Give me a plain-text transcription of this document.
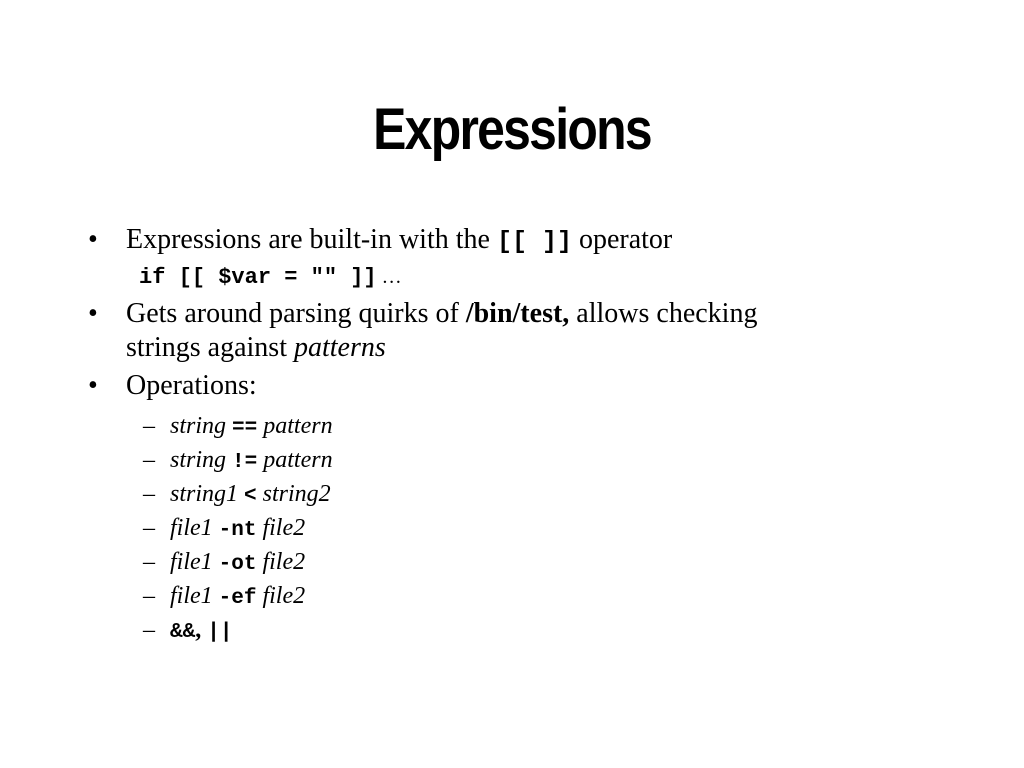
Expressions
• Expressions are built-in with the [[ ]] operator
if [[ $var = "" ]] …
• Gets around parsing quirks of /bin/test, allows checking
strings against patterns
• Operations:
– string == pattern
– string != pattern
– string1 < string2
– file1 -nt file2
– file1 -ot file2
– file1 -ef file2
– &&, ||
